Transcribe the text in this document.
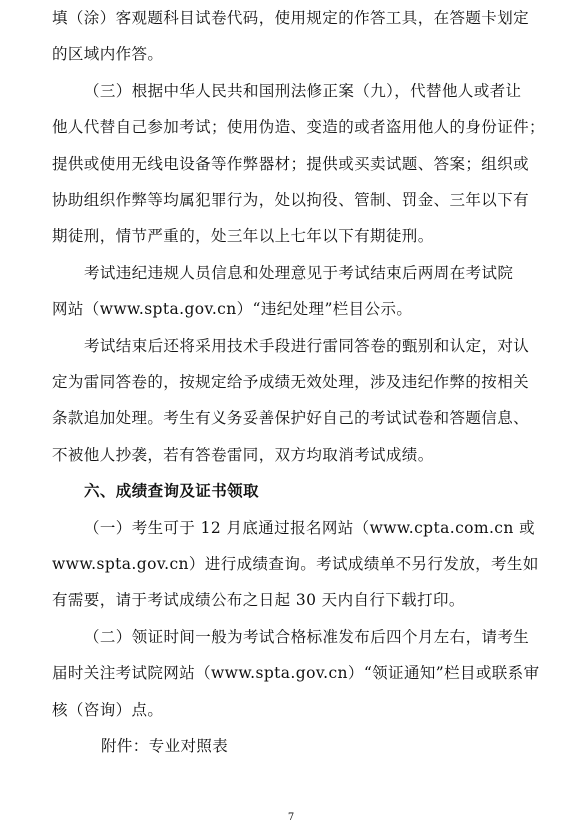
填（涂）客观题科目试卷代码，使用规定的作答工具，在答题卡划定
的区域内作答。
（三）根据中华人民共和国刑法修正案（九），代替他人或者让
他人代替自己参加考试；使用伪造、变造的或者盗用他人的身份证件；
提供或使用无线电设备等作弊器材；提供或买卖试题、答案；组织或
协助组织作弊等均属犯罪行为，处以拘役、管制、罚金、三年以下有
期徒刑，情节严重的，处三年以上七年以下有期徒刑。
考试违纪违规人员信息和处理意见于考试结束后两周在考试院
网站（www.spta.gov.cn）“违纪处理”栏目公示。
考试结束后还将采用技术手段进行雷同答卷的甄别和认定，对认
定为雷同答卷的，按规定给予成绩无效处理，涉及违纪作弊的按相关
条款追加处理。考生有义务妥善保护好自己的考试试卷和答题信息、
不被他人抄袭，若有答卷雷同，双方均取消考试成绩。
六、成绩查询及证书领取
（一）考生可于 12 月底通过报名网站（www.cpta.com.cn 或
www.spta.gov.cn）进行成绩查询。考试成绩单不另行发放，考生如
有需要，请于考试成绩公布之日起 30 天内自行下载打印。
（二）领证时间一般为考试合格标准发布后四个月左右，请考生
届时关注考试院网站（www.spta.gov.cn）“领证通知”栏目或联系审
核（咨询）点。
附件：专业对照表
7
